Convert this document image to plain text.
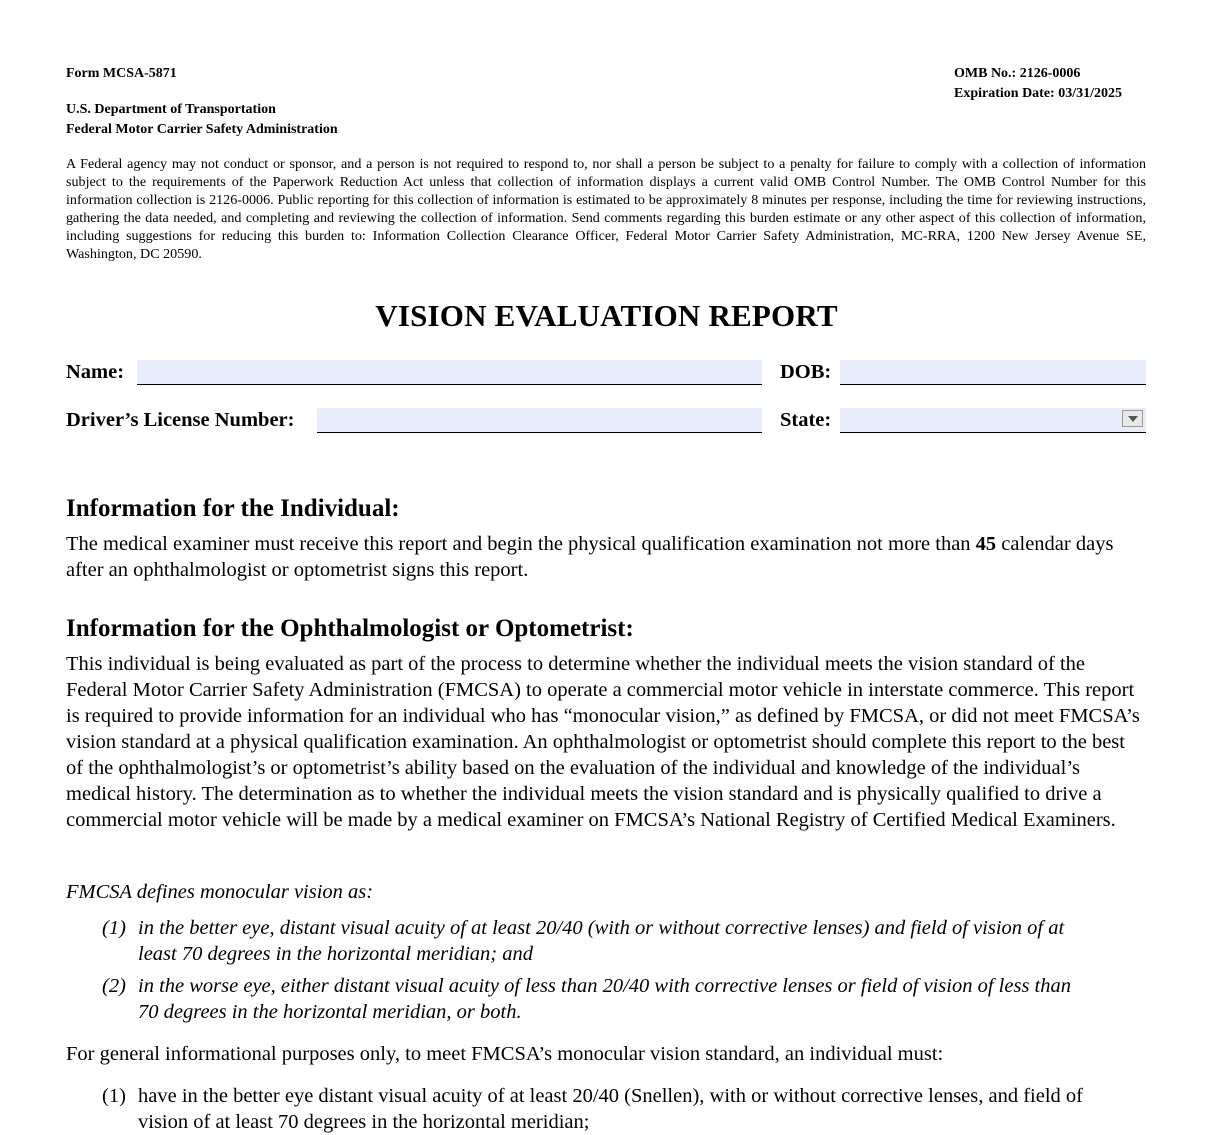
Form MCSA-5871	OMB No.: 2126-0006
Expiration Date: 03/31/2025
U.S. Department of Transportation
Federal Motor Carrier Safety Administration
A Federal agency may not conduct or sponsor, and a person is not required to respond to, nor shall a person be subject to a penalty for failure to comply with a collection of information subject to the requirements of the Paperwork Reduction Act unless that collection of information displays a current valid OMB Control Number. The OMB Control Number for this information collection is 2126-0006. Public reporting for this collection of information is estimated to be approximately 8 minutes per response, including the time for reviewing instructions, gathering the data needed, and completing and reviewing the collection of information. Send comments regarding this burden estimate or any other aspect of this collection of information, including suggestions for reducing this burden to: Information Collection Clearance Officer, Federal Motor Carrier Safety Administration, MC-RRA, 1200 New Jersey Avenue SE, Washington, DC 20590.
VISION EVALUATION REPORT
Name:	DOB:
Driver’s License Number:	State:
Information for the Individual:
The medical examiner must receive this report and begin the physical qualification examination not more than 45 calendar days after an ophthalmologist or optometrist signs this report.
Information for the Ophthalmologist or Optometrist:
This individual is being evaluated as part of the process to determine whether the individual meets the vision standard of the Federal Motor Carrier Safety Administration (FMCSA) to operate a commercial motor vehicle in interstate commerce. This report is required to provide information for an individual who has “monocular vision,” as defined by FMCSA, or did not meet FMCSA’s vision standard at a physical qualification examination. An ophthalmologist or optometrist should complete this report to the best of the ophthalmologist’s or optometrist’s ability based on the evaluation of the individual and knowledge of the individual’s medical history. The determination as to whether the individual meets the vision standard and is physically qualified to drive a commercial motor vehicle will be made by a medical examiner on FMCSA’s National Registry of Certified Medical Examiners.
FMCSA defines monocular vision as:
(1) in the better eye, distant visual acuity of at least 20/40 (with or without corrective lenses) and field of vision of at
least 70 degrees in the horizontal meridian; and
(2) in the worse eye, either distant visual acuity of less than 20/40 with corrective lenses or field of vision of less than
70 degrees in the horizontal meridian, or both.
For general informational purposes only, to meet FMCSA’s monocular vision standard, an individual must:
(1) have in the better eye distant visual acuity of at least 20/40 (Snellen), with or without corrective lenses, and field of
vision of at least 70 degrees in the horizontal meridian;
